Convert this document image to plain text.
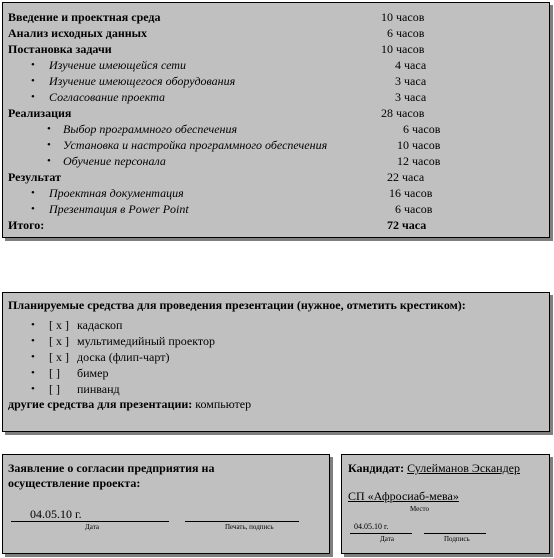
Введение и проектная среда	10 часов
Анализ исходных данных	6 часов
Постановка задачи	10 часов
• Изучение имеющейся сети	4 часа
• Изучение имеющегося оборудования	3 часа
• Согласование проекта	3 часа
Реализация	28 часов
• Выбор программного обеспечения	6 часов
• Установка и настройка программного обеспечения	10 часов
• Обучение персонала	12 часов
Результат	22 часа
• Проектная документация	16 часов
• Презентация в Power Point	6 часов
Итого:	72 часа
Планируемые средства для проведения презентации (нужное, отметить крестиком):
• [ x ] кадаскоп
• [ x ] мультимедийный проектор
• [ x ] доска (флип-чарт)
• [ ] бимер
• [ ] пинванд
другие средства для презентации: компьютер
Заявление о согласии предприятия на
осуществление проекта:
04.05.10 г.
Дата	Печать, подпись
Кандидат: Сулейманов Эскандер
СП «Афросиаб-мева»
Место
04.05.10 г.
Дата	Подпись
